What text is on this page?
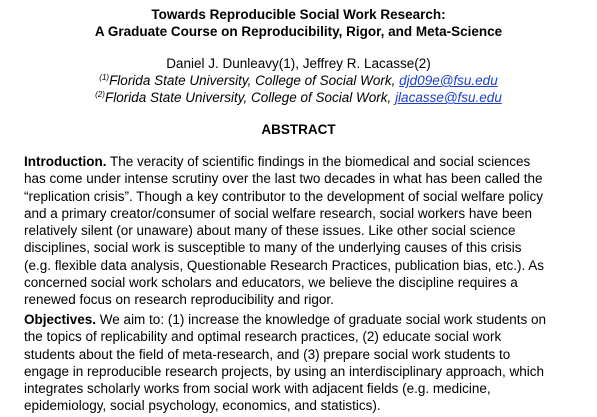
Towards Reproducible Social Work Research:
A Graduate Course on Reproducibility, Rigor, and Meta-Science
Daniel J. Dunleavy(1), Jeffrey R. Lacasse(2)
$^{(1)}$Florida State University, College of Social Work, djd09e@fsu.edu
$^{(2)}$Florida State University, College of Social Work, jlacasse@fsu.edu
ABSTRACT
Introduction. The veracity of scientific findings in the biomedical and social sciences
has come under intense scrutiny over the last two decades in what has been called the
“replication crisis”. Though a key contributor to the development of social welfare policy
and a primary creator/consumer of social welfare research, social workers have been
relatively silent (or unaware) about many of these issues. Like other social science
disciplines, social work is susceptible to many of the underlying causes of this crisis
(e.g. flexible data analysis, Questionable Research Practices, publication bias, etc.). As
concerned social work scholars and educators, we believe the discipline requires a
renewed focus on research reproducibility and rigor.
Objectives. We aim to: (1) increase the knowledge of graduate social work students on
the topics of replicability and optimal research practices, (2) educate social work
students about the field of meta-research, and (3) prepare social work students to
engage in reproducible research projects, by using an interdisciplinary approach, which
integrates scholarly works from social work with adjacent fields (e.g. medicine,
epidemiology, social psychology, economics, and statistics).
